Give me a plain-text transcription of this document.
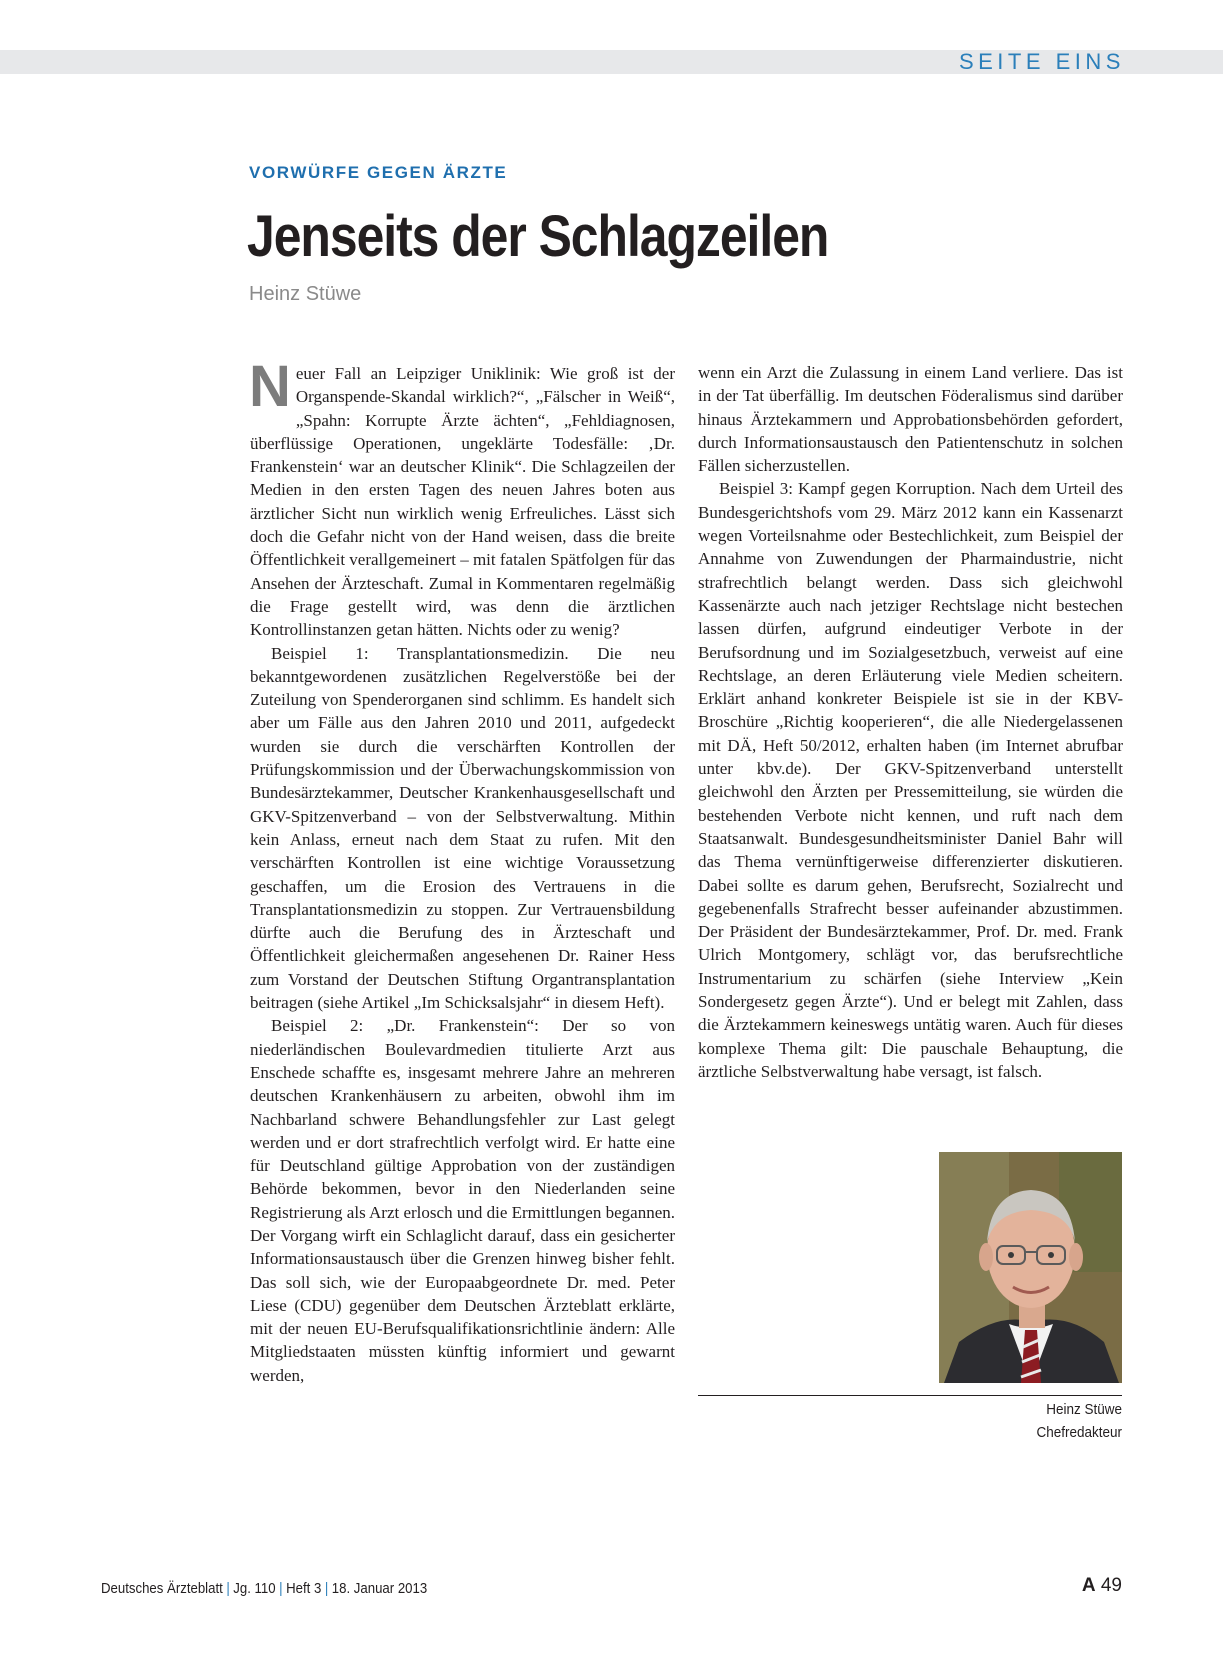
SEITE EINS
VORWÜRFE GEGEN ÄRZTE
Jenseits der Schlagzeilen
Heinz Stüwe

Neuer Fall an Leipziger Uniklinik: Wie groß ist der Organspende-Skandal wirklich?“, „Fälscher in Weiß“, „Spahn: Korrupte Ärzte ächten“, „Fehldiagnosen, überflüssige Operationen, ungeklärte Todesfälle: ‚Dr. Frankenstein‘ war an deutscher Klinik“. Die Schlagzeilen der Medien in den ersten Tagen des neuen Jahres boten aus ärztlicher Sicht nun wirklich wenig Erfreuliches. Lässt sich doch die Gefahr nicht von der Hand weisen, dass die breite Öffentlichkeit verallgemeinert – mit fatalen Spätfolgen für das Ansehen der Ärzteschaft. Zumal in Kommentaren regelmäßig die Frage gestellt wird, was denn die ärztlichen Kontrollinstanzen getan hätten. Nichts oder zu wenig?

Beispiel 1: Transplantationsmedizin. Die neu bekanntgewordenen zusätzlichen Regelverstöße bei der Zuteilung von Spenderorganen sind schlimm. Es handelt sich aber um Fälle aus den Jahren 2010 und 2011, aufgedeckt wurden sie durch die verschärften Kontrollen der Prüfungskommission und der Überwachungskommission von Bundesärztekammer, Deutscher Krankenhausgesellschaft und GKV-Spitzenverband – von der Selbstverwaltung. Mithin kein Anlass, erneut nach dem Staat zu rufen. Mit den verschärften Kontrollen ist eine wichtige Voraussetzung geschaffen, um die Erosion des Vertrauens in die Transplantationsmedizin zu stoppen. Zur Vertrauensbildung dürfte auch die Berufung des in Ärzteschaft und Öffentlichkeit gleichermaßen angesehenen Dr. Rainer Hess zum Vorstand der Deutschen Stiftung Organtransplantation beitragen (siehe Artikel „Im Schicksalsjahr“ in diesem Heft).

Beispiel 2: „Dr. Frankenstein“: Der so von niederländischen Boulevardmedien titulierte Arzt aus Enschede schaffte es, insgesamt mehrere Jahre an mehreren deutschen Krankenhäusern zu arbeiten, obwohl ihm im Nachbarland schwere Behandlungsfehler zur Last gelegt werden und er dort strafrechtlich verfolgt wird. Er hatte eine für Deutschland gültige Approbation von der zuständigen Behörde bekommen, bevor in den Niederlanden seine Registrierung als Arzt erlosch und die Ermittlungen begannen. Der Vorgang wirft ein Schlaglicht darauf, dass ein gesicherter Informationsaustausch über die Grenzen hinweg bisher fehlt. Das soll sich, wie der Europaabgeordnete Dr. med. Peter Liese (CDU) gegenüber dem Deutschen Ärzteblatt erklärte, mit der neuen EU-Berufsqualifikationsrichtlinie ändern: Alle Mitgliedstaaten müssten künftig informiert und gewarnt werden,

wenn ein Arzt die Zulassung in einem Land verliere. Das ist in der Tat überfällig. Im deutschen Föderalismus sind darüber hinaus Ärztekammern und Approbationsbehörden gefordert, durch Informationsaustausch den Patientenschutz in solchen Fällen sicherzustellen.

Beispiel 3: Kampf gegen Korruption. Nach dem Urteil des Bundesgerichtshofs vom 29. März 2012 kann ein Kassenarzt wegen Vorteilsnahme oder Bestechlichkeit, zum Beispiel der Annahme von Zuwendungen der Pharmaindustrie, nicht strafrechtlich belangt werden. Dass sich gleichwohl Kassenärzte auch nach jetziger Rechtslage nicht bestechen lassen dürfen, aufgrund eindeutiger Verbote in der Berufsordnung und im Sozialgesetzbuch, verweist auf eine Rechtslage, an deren Erläuterung viele Medien scheitern. Erklärt anhand konkreter Beispiele ist sie in der KBV-Broschüre „Richtig kooperieren“, die alle Niedergelassenen mit DÄ, Heft 50/2012, erhalten haben (im Internet abrufbar unter kbv.de). Der GKV-Spitzenverband unterstellt gleichwohl den Ärzten per Pressemitteilung, sie würden die bestehenden Verbote nicht kennen, und ruft nach dem Staatsanwalt. Bundesgesundheitsminister Daniel Bahr will das Thema vernünftigerweise differenzierter diskutieren. Dabei sollte es darum gehen, Berufsrecht, Sozialrecht und gegebenenfalls Strafrecht besser aufeinander abzustimmen. Der Präsident der Bundesärztekammer, Prof. Dr. med. Frank Ulrich Montgomery, schlägt vor, das berufsrechtliche Instrumentarium zu schärfen (siehe Interview „Kein Sondergesetz gegen Ärzte“). Und er belegt mit Zahlen, dass die Ärztekammern keineswegs untätig waren. Auch für dieses komplexe Thema gilt: Die pauschale Behauptung, die ärztliche Selbstverwaltung habe versagt, ist falsch.

Heinz Stüwe
Chefredakteur
Deutsches Ärzteblatt | Jg. 110 | Heft 3 | 18. Januar 2013	A 49
